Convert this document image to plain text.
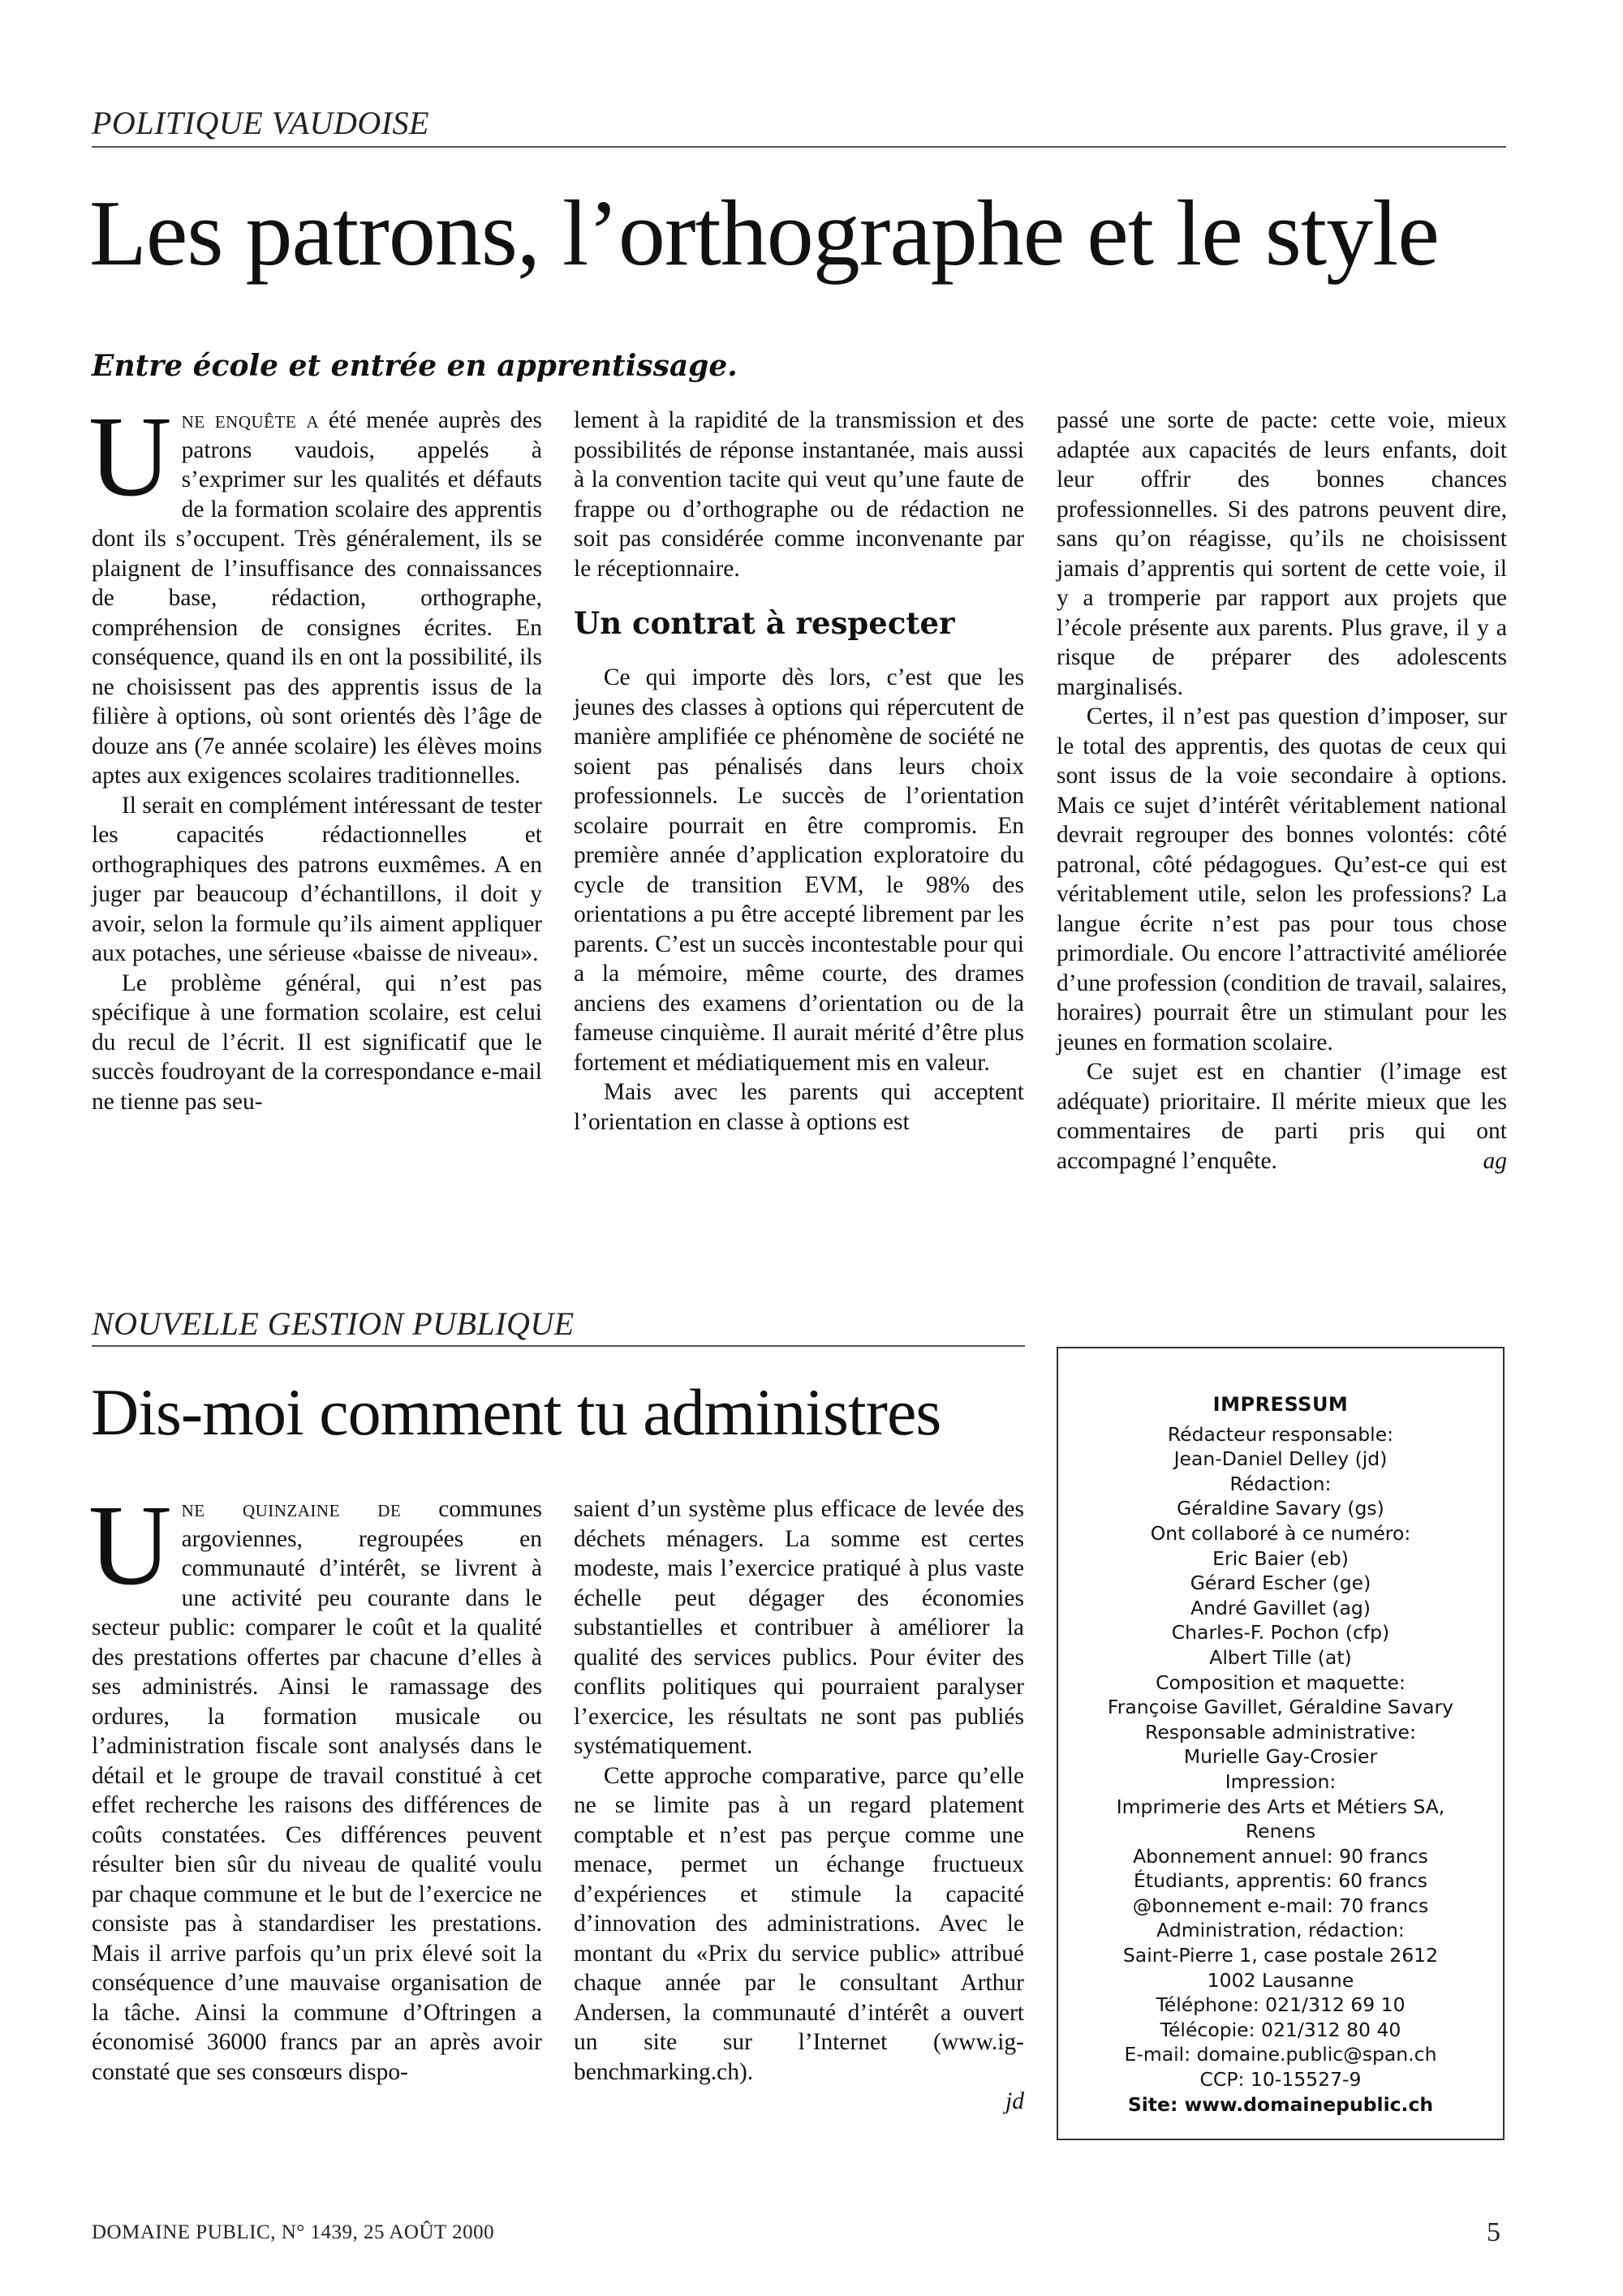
POLITIQUE VAUDOISE
Les patrons, l’orthographe et le style
Entre école et entrée en apprentissage.

Une enquête a été menée auprès des patrons vaudois, appelés à s’exprimer sur les qualités et défauts de la formation scolaire des apprentis dont ils s’occupent. Très généralement, ils se plaignent de l’insuffisance des connaissances de base, rédaction, orthographe, compréhension de consignes écrites. En conséquence, quand ils en ont la possibilité, ils ne choisissent pas des apprentis issus de la filière à options, où sont orientés dès l’âge de douze ans (7e année scolaire) les élèves moins aptes aux exigences scolaires traditionnelles.

Il serait en complément intéressant de tester les capacités rédactionnelles et orthographiques des patrons euxmêmes. A en juger par beaucoup d’échantillons, il doit y avoir, selon la formule qu’ils aiment appliquer aux potaches, une sérieuse «baisse de niveau».

Le problème général, qui n’est pas spécifique à une formation scolaire, est celui du recul de l’écrit. Il est significatif que le succès foudroyant de la correspondance e-mail ne tienne pas seu-

lement à la rapidité de la transmission et des possibilités de réponse instantanée, mais aussi à la convention tacite qui veut qu’une faute de frappe ou d’orthographe ou de rédaction ne soit pas considérée comme inconvenante par le réceptionnaire.

Un contrat à respecter

Ce qui importe dès lors, c’est que les jeunes des classes à options qui répercutent de manière amplifiée ce phénomène de société ne soient pas pénalisés dans leurs choix professionnels. Le succès de l’orientation scolaire pourrait en être compromis. En première année d’application exploratoire du cycle de transition EVM, le 98% des orientations a pu être accepté librement par les parents. C’est un succès incontestable pour qui a la mémoire, même courte, des drames anciens des examens d’orientation ou de la fameuse cinquième. Il aurait mérité d’être plus fortement et médiatiquement mis en valeur.

Mais avec les parents qui acceptent l’orientation en classe à options est

passé une sorte de pacte: cette voie, mieux adaptée aux capacités de leurs enfants, doit leur offrir des bonnes chances professionnelles. Si des patrons peuvent dire, sans qu’on réagisse, qu’ils ne choisissent jamais d’apprentis qui sortent de cette voie, il y a tromperie par rapport aux projets que l’école présente aux parents. Plus grave, il y a risque de préparer des adolescents marginalisés.

Certes, il n’est pas question d’imposer, sur le total des apprentis, des quotas de ceux qui sont issus de la voie secondaire à options. Mais ce sujet d’intérêt véritablement national devrait regrouper des bonnes volontés: côté patronal, côté pédagogues. Qu’est-ce qui est véritablement utile, selon les professions? La langue écrite n’est pas pour tous chose primordiale. Ou encore l’attractivité améliorée d’une profession (condition de travail, salaires, horaires) pourrait être un stimulant pour les jeunes en formation scolaire.

Ce sujet est en chantier (l’image est adéquate) prioritaire. Il mérite mieux que les commentaires de parti pris qui ont accompagné l’enquête.	ag

NOUVELLE GESTION PUBLIQUE
Dis-moi comment tu administres

Une quinzaine de communes argoviennes, regroupées en communauté d’intérêt, se livrent à une activité peu courante dans le secteur public: comparer le coût et la qualité des prestations offertes par chacune d’elles à ses administrés. Ainsi le ramassage des ordures, la formation musicale ou l’administration fiscale sont analysés dans le détail et le groupe de travail constitué à cet effet recherche les raisons des différences de coûts constatées. Ces différences peuvent résulter bien sûr du niveau de qualité voulu par chaque commune et le but de l’exercice ne consiste pas à standardiser les prestations. Mais il arrive parfois qu’un prix élevé soit la conséquence d’une mauvaise organisation de la tâche. Ainsi la commune d’Oftringen a économisé 36000 francs par an après avoir constaté que ses consœurs dispo-

saient d’un système plus efficace de levée des déchets ménagers. La somme est certes modeste, mais l’exercice pratiqué à plus vaste échelle peut dégager des économies substantielles et contribuer à améliorer la qualité des services publics. Pour éviter des conflits politiques qui pourraient paralyser l’exercice, les résultats ne sont pas publiés systématiquement.

Cette approche comparative, parce qu’elle ne se limite pas à un regard platement comptable et n’est pas perçue comme une menace, permet un échange fructueux d’expériences et stimule la capacité d’innovation des administrations. Avec le montant du «Prix du service public» attribué chaque année par le consultant Arthur Andersen, la communauté d’intérêt a ouvert un site sur l’Internet (www.ig-benchmarking.ch).

jd
IMPRESSUM
Rédacteur responsable:
Jean-Daniel Delley (jd)
Rédaction:
Géraldine Savary (gs)
Ont collaboré à ce numéro:
Eric Baier (eb)
Gérard Escher (ge)
André Gavillet (ag)
Charles-F. Pochon (cfp)
Albert Tille (at)
Composition et maquette:
Françoise Gavillet, Géraldine Savary
Responsable administrative:
Murielle Gay-Crosier
Impression:
Imprimerie des Arts et Métiers SA,
Renens
Abonnement annuel: 90 francs
Étudiants, apprentis: 60 francs
@bonnement e-mail: 70 francs
Administration, rédaction:
Saint-Pierre 1, case postale 2612
1002 Lausanne
Téléphone: 021/312 69 10
Télécopie: 021/312 80 40
E-mail: domaine.public@span.ch
CCP: 10-15527-9
Site: www.domainepublic.ch
DOMAINE PUBLIC, N° 1439, 25 AOÛT 2000	5
